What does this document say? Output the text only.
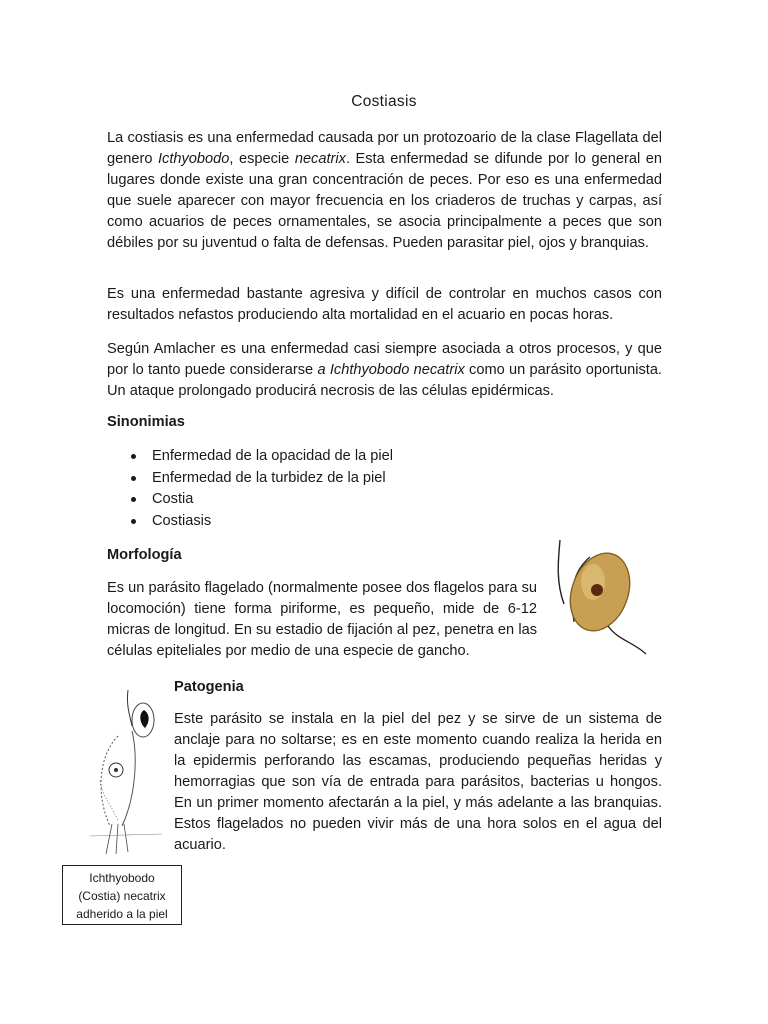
Costiasis

La costiasis es una enfermedad causada por un protozoario de la clase Flagellata del genero Icthyobodo, especie necatrix. Esta enfermedad se difunde por lo general en lugares donde existe una gran concentración de peces. Por eso es una enfermedad que suele aparecer con mayor frecuencia en los criaderos de truchas y carpas, así como acuarios de peces ornamentales, se asocia principalmente a peces que son débiles por su juventud o falta de defensas. Pueden parasitar piel, ojos y branquias.

Es una enfermedad bastante agresiva y difícil de controlar en muchos casos con resultados nefastos produciendo alta mortalidad en el acuario en pocas horas.

Según Amlacher es una enfermedad casi siempre asociada a otros procesos, y que por lo tanto puede considerarse a Ichthyobodo necatrix como un parásito oportunista. Un ataque prolongado producirá necrosis de las células epidérmicas.

Sinonimias

Enfermedad de la opacidad de la piel
Enfermedad de la turbidez de la piel
Costia
Costiasis

Morfología

Es un parásito flagelado (normalmente posee dos flagelos para su locomoción) tiene forma piriforme, es pequeño, mide de 6-12 micras de longitud. En su estadio de fijación al pez, penetra en las células epiteliales por medio de una especie de gancho.

Patogenia

Este parásito se instala en la piel del pez y se sirve de un sistema de anclaje para no soltarse; es en este momento cuando realiza la herida en la epidermis perforando las escamas, produciendo pequeñas heridas y hemorragias que son vía de entrada para parásitos, bacterias u hongos. En un primer momento afectarán a la piel, y más adelante a las branquias. Estos flagelados no pueden vivir más de una hora solos en el agua del acuario.

Ichthyobodo
(Costia) necatrix
adherido a la piel
